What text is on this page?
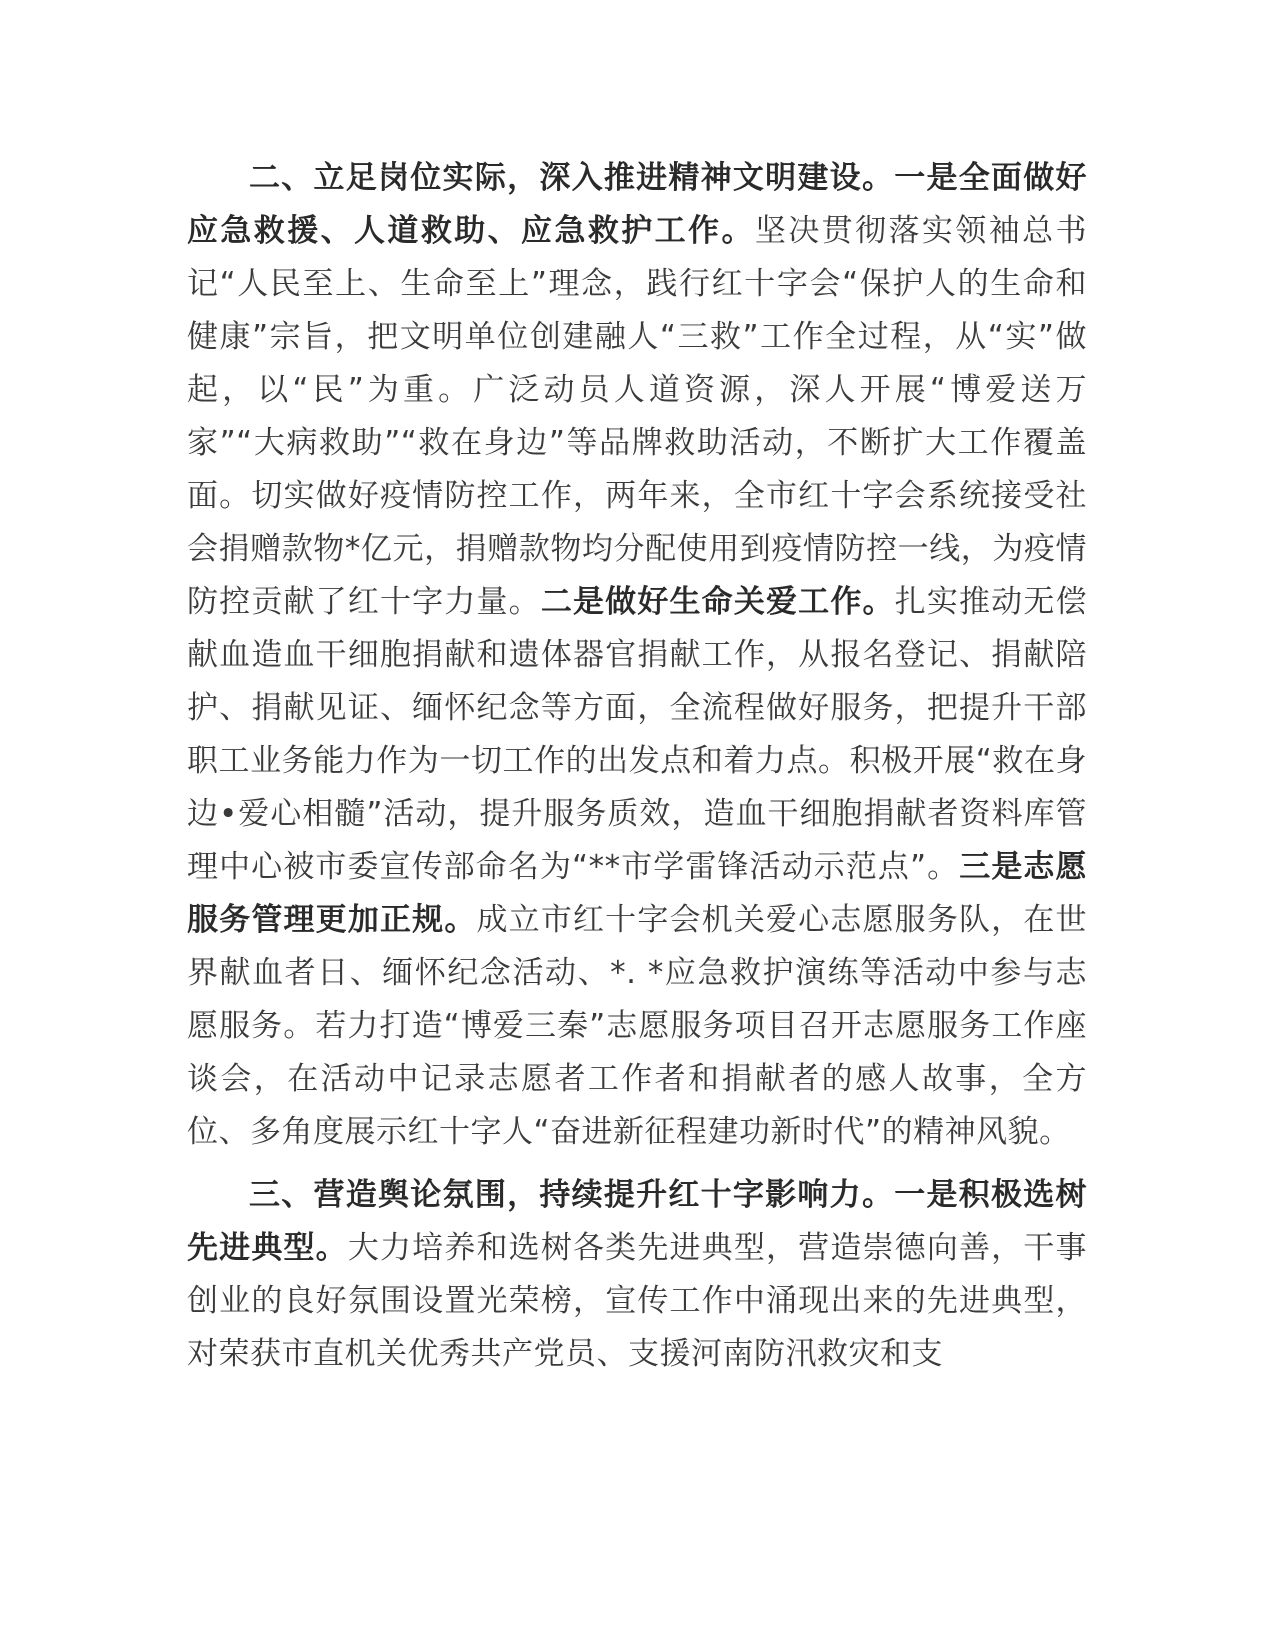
二、立足岗位实际，深入推进精神文明建设。一是全面做好应急救援、人道救助、应急救护工作。坚决贯彻落实领袖总书记“人民至上、生命至上”理念，践行红十字会“保护人的生命和健康”宗旨，把文明单位创建融人“三救”工作全过程，从“实”做起，以“民”为重。广泛动员人道资源，深人开展“博爱送万家”“大病救助”“救在身边”等品牌救助活动，不断扩大工作覆盖面。切实做好疫情防控工作，两年来，全市红十字会系统接受社会捐赠款物*亿元，捐赠款物均分配使用到疫情防控一线，为疫情防控贡献了红十字力量。二是做好生命关爱工作。扎实推动无偿献血造血干细胞捐献和遗体器官捐献工作，从报名登记、捐献陪护、捐献见证、缅怀纪念等方面，全流程做好服务，把提升干部职工业务能力作为一切工作的出发点和着力点。积极开展“救在身边•爱心相髓”活动，提升服务质效，造血干细胞捐献者资料库管理中心被市委宣传部命名为“**市学雷锋活动示范点”。三是志愿服务管理更加正规。成立市红十字会机关爱心志愿服务队，在世界献血者日、缅怀纪念活动、*. *应急救护演练等活动中参与志愿服务。若力打造“博爱三秦”志愿服务项目召开志愿服务工作座谈会，在活动中记录志愿者工作者和捐献者的感人故事，全方位、多角度展示红十字人“奋进新征程建功新时代”的精神风貌。

三、营造舆论氛围，持续提升红十字影响力。一是积极选树先进典型。大力培养和选树各类先进典型，营造崇德向善，干事创业的良好氛围设置光荣榜，宣传工作中涌现出来的先进典型，对荣获市直机关优秀共产党员、支援河南防汛救灾和支
